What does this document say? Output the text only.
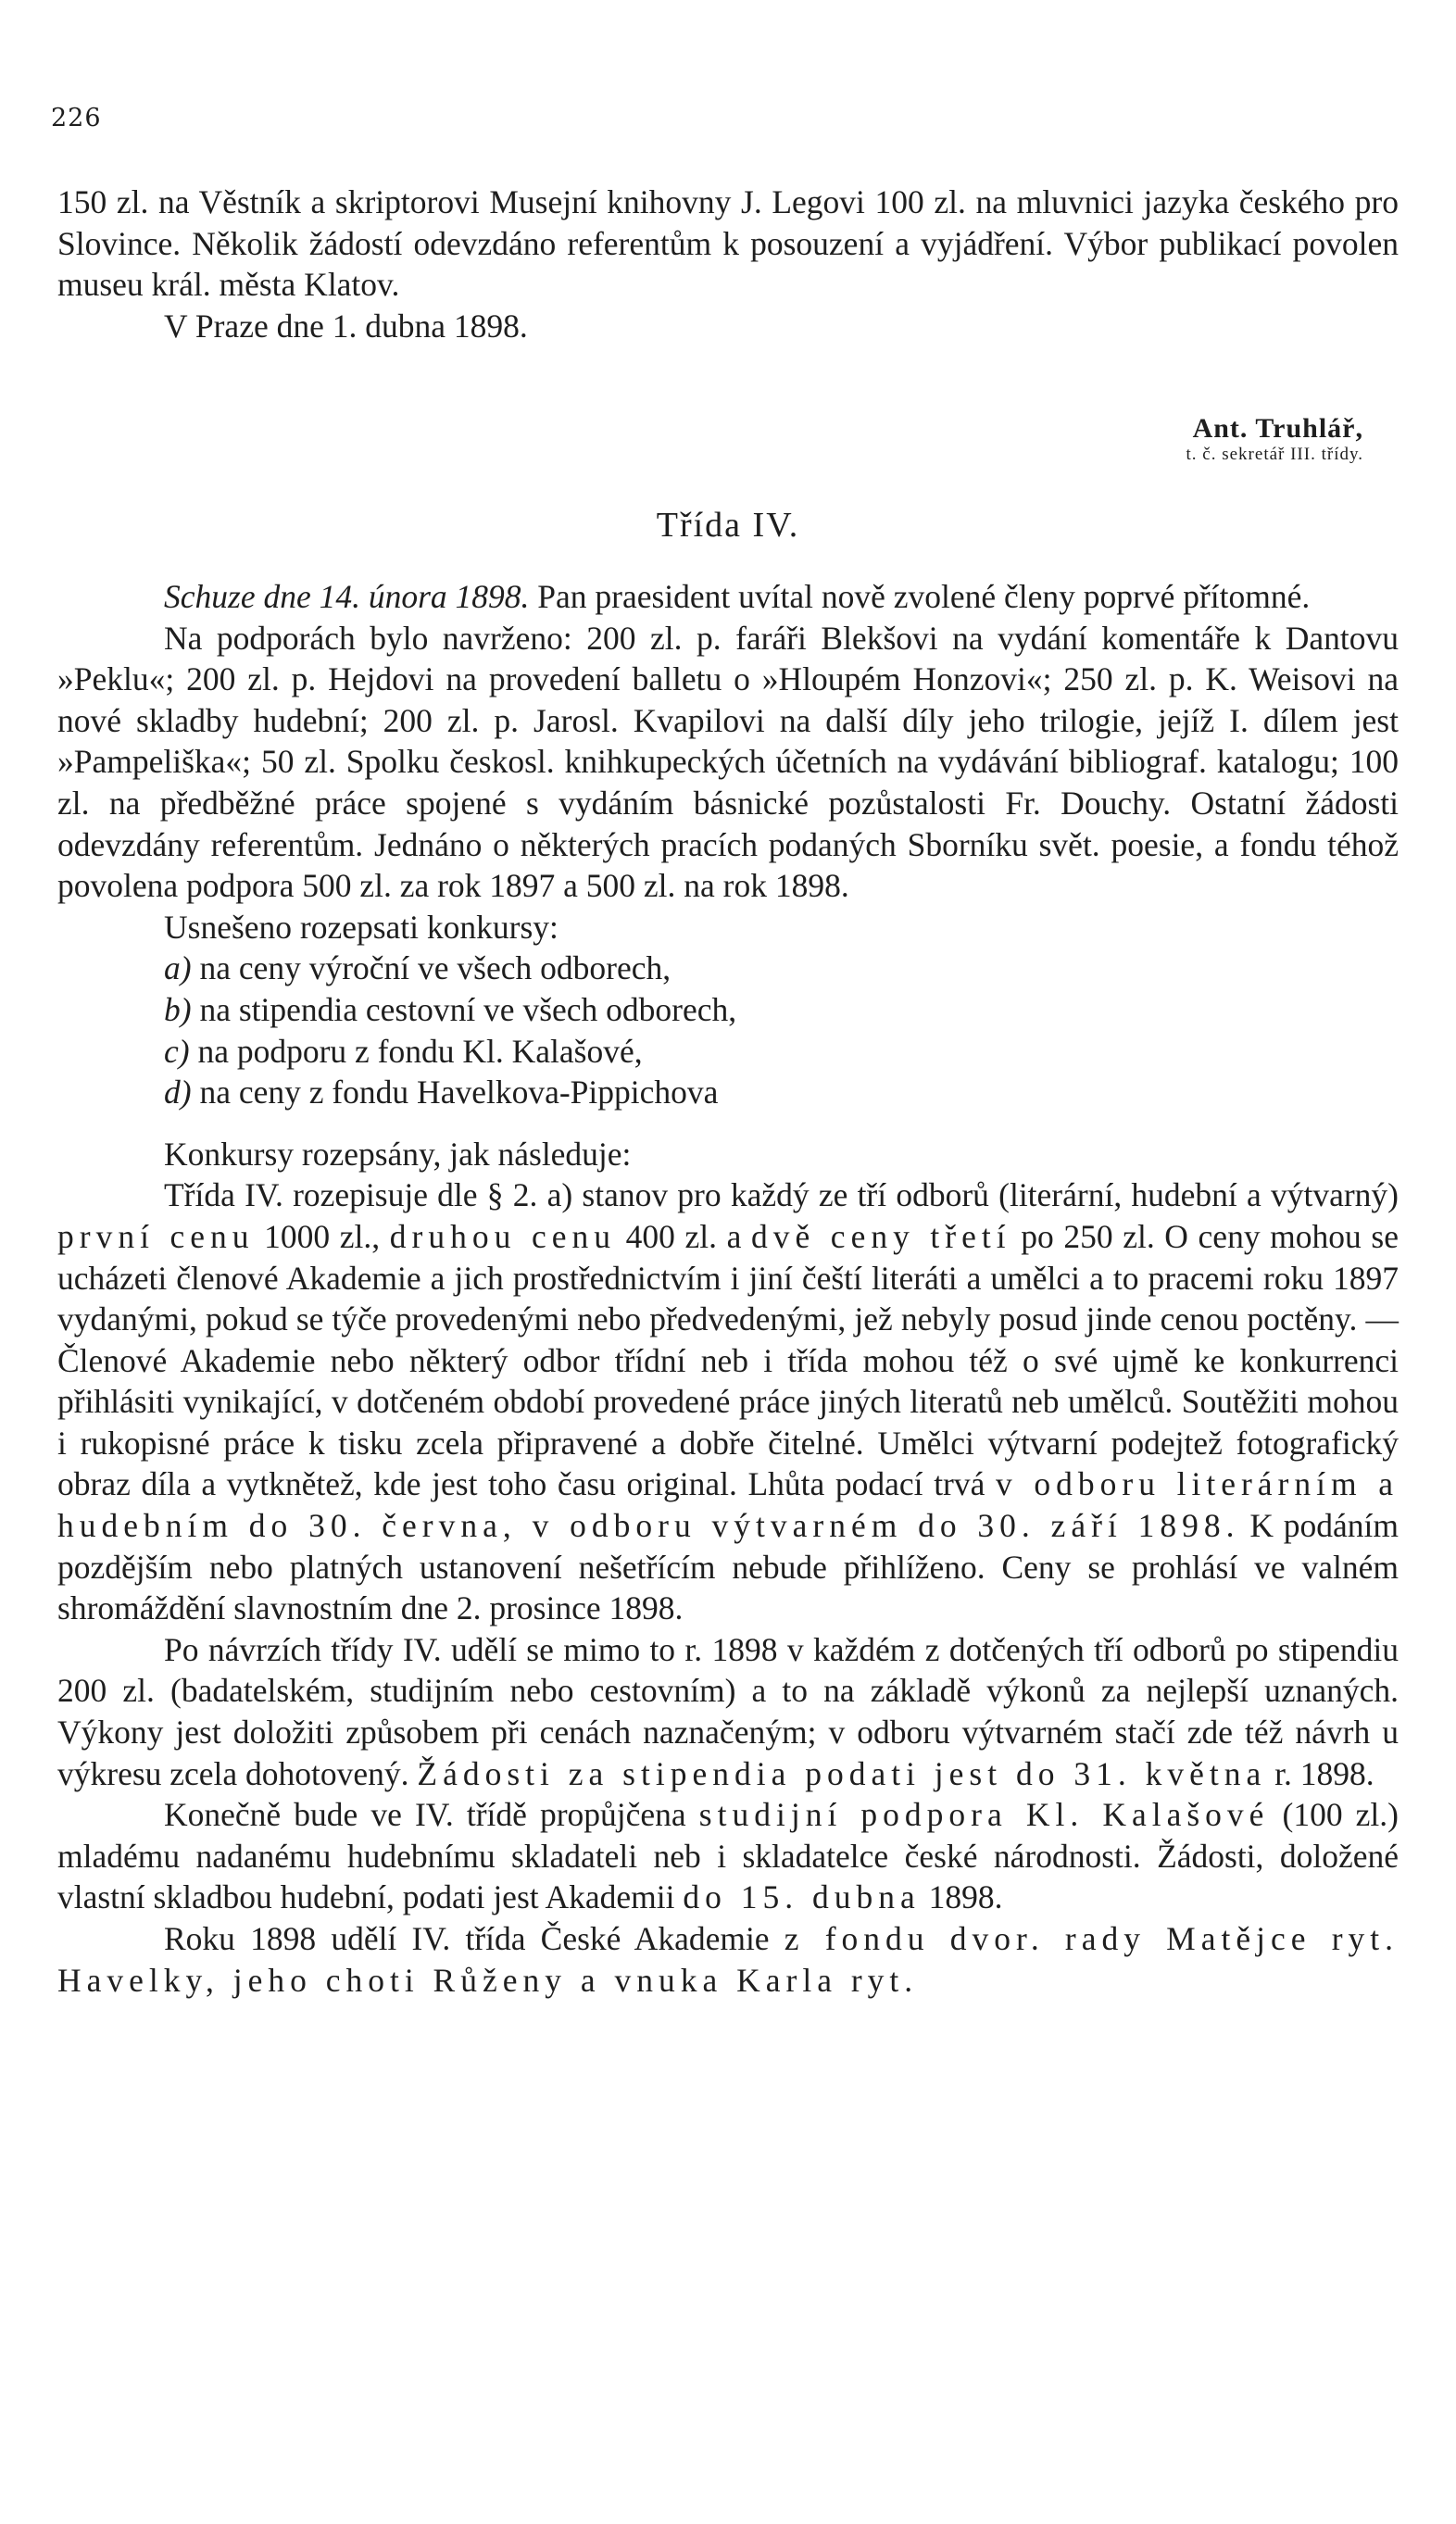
226

150 zl. na Věstník a skriptorovi Musejní knihovny J. Legovi 100 zl. na mluvnici jazyka českého pro Slovince. Několik žádostí odevzdáno referentům k posouzení a vyjádření. Výbor publikací povolen museu král. města Klatov.

V Praze dne 1. dubna 1898.

Ant. Truhlář,
t. č. sekretář III. třídy.
Třída IV.

Schuze dne 14. února 1898. Pan praesident uvítal nově zvolené členy poprvé přítomné.

Na podporách bylo navrženo: 200 zl. p. faráři Blekšovi na vydání komentáře k Dantovu »Peklu«; 200 zl. p. Hejdovi na provedení balletu o »Hloupém Honzovi«; 250 zl. p. K. Weisovi na nové skladby hudební; 200 zl. p. Jarosl. Kvapilovi na další díly jeho trilogie, jejíž I. dílem jest »Pampeliška«; 50 zl. Spolku českosl. knihkupeckých účetních na vydávání bibliograf. katalogu; 100 zl. na předběžné práce spojené s vydáním básnické pozůstalosti Fr. Douchy. Ostatní žádosti odevzdány referentům. Jednáno o některých pracích podaných Sborníku svět. poesie, a fondu téhož povolena podpora 500 zl. za rok 1897 a 500 zl. na rok 1898.

Usnešeno rozepsati konkursy:

a) na ceny výroční ve všech odborech,
b) na stipendia cestovní ve všech odborech,
c) na podporu z fondu Kl. Kalašové,
d) na ceny z fondu Havelkova-Pippichova

Konkursy rozepsány, jak následuje:

Třída IV. rozepisuje dle § 2. a) stanov pro každý ze tří odborů (literární, hudební a výtvarný) první cenu 1000 zl., druhou cenu 400 zl. a dvě ceny třetí po 250 zl. O ceny mohou se ucházeti členové Akademie a jich prostřednictvím i jiní čeští literáti a umělci a to pracemi roku 1897 vydanými, pokud se týče provedenými nebo předvedenými, jež nebyly posud jinde cenou poctěny. — Členové Akademie nebo některý odbor třídní neb i třída mohou též o své ujmě ke konkurrenci přihlásiti vynikající, v dotčeném období provedené práce jiných literatů neb umělců. Soutěžiti mohou i rukopisné práce k tisku zcela připravené a dobře čitelné. Umělci výtvarní podejtež fotografický obraz díla a vytknětež, kde jest toho času original. Lhůta podací trvá v odboru literárním a hudebním do 30. června, v odboru výtvarném do 30. září 1898. K podáním pozdějším nebo platných ustanovení nešetřícím nebude přihlíženo. Ceny se prohlásí ve valném shromáždění slavnostním dne 2. prosince 1898.

Po návrzích třídy IV. udělí se mimo to r. 1898 v každém z dotčených tří odborů po stipendiu 200 zl. (badatelském, studijním nebo cestovním) a to na základě výkonů za nejlepší uznaných. Výkony jest doložiti způsobem při cenách naznačeným; v odboru výtvarném stačí zde též návrh u výkresu zcela dohotovený. Žádosti za stipendia podati jest do 31. května r. 1898.

Konečně bude ve IV. třídě propůjčena studijní podpora Kl. Kalašové (100 zl.) mladému nadanému hudebnímu skladateli neb i skladatelce české národnosti. Žádosti, doložené vlastní skladbou hudební, podati jest Akademii do 15. dubna 1898.

Roku 1898 udělí IV. třída České Akademie z fondu dvor. rady Matějce ryt. Havelky, jeho choti Růženy a vnuka Karla ryt.
